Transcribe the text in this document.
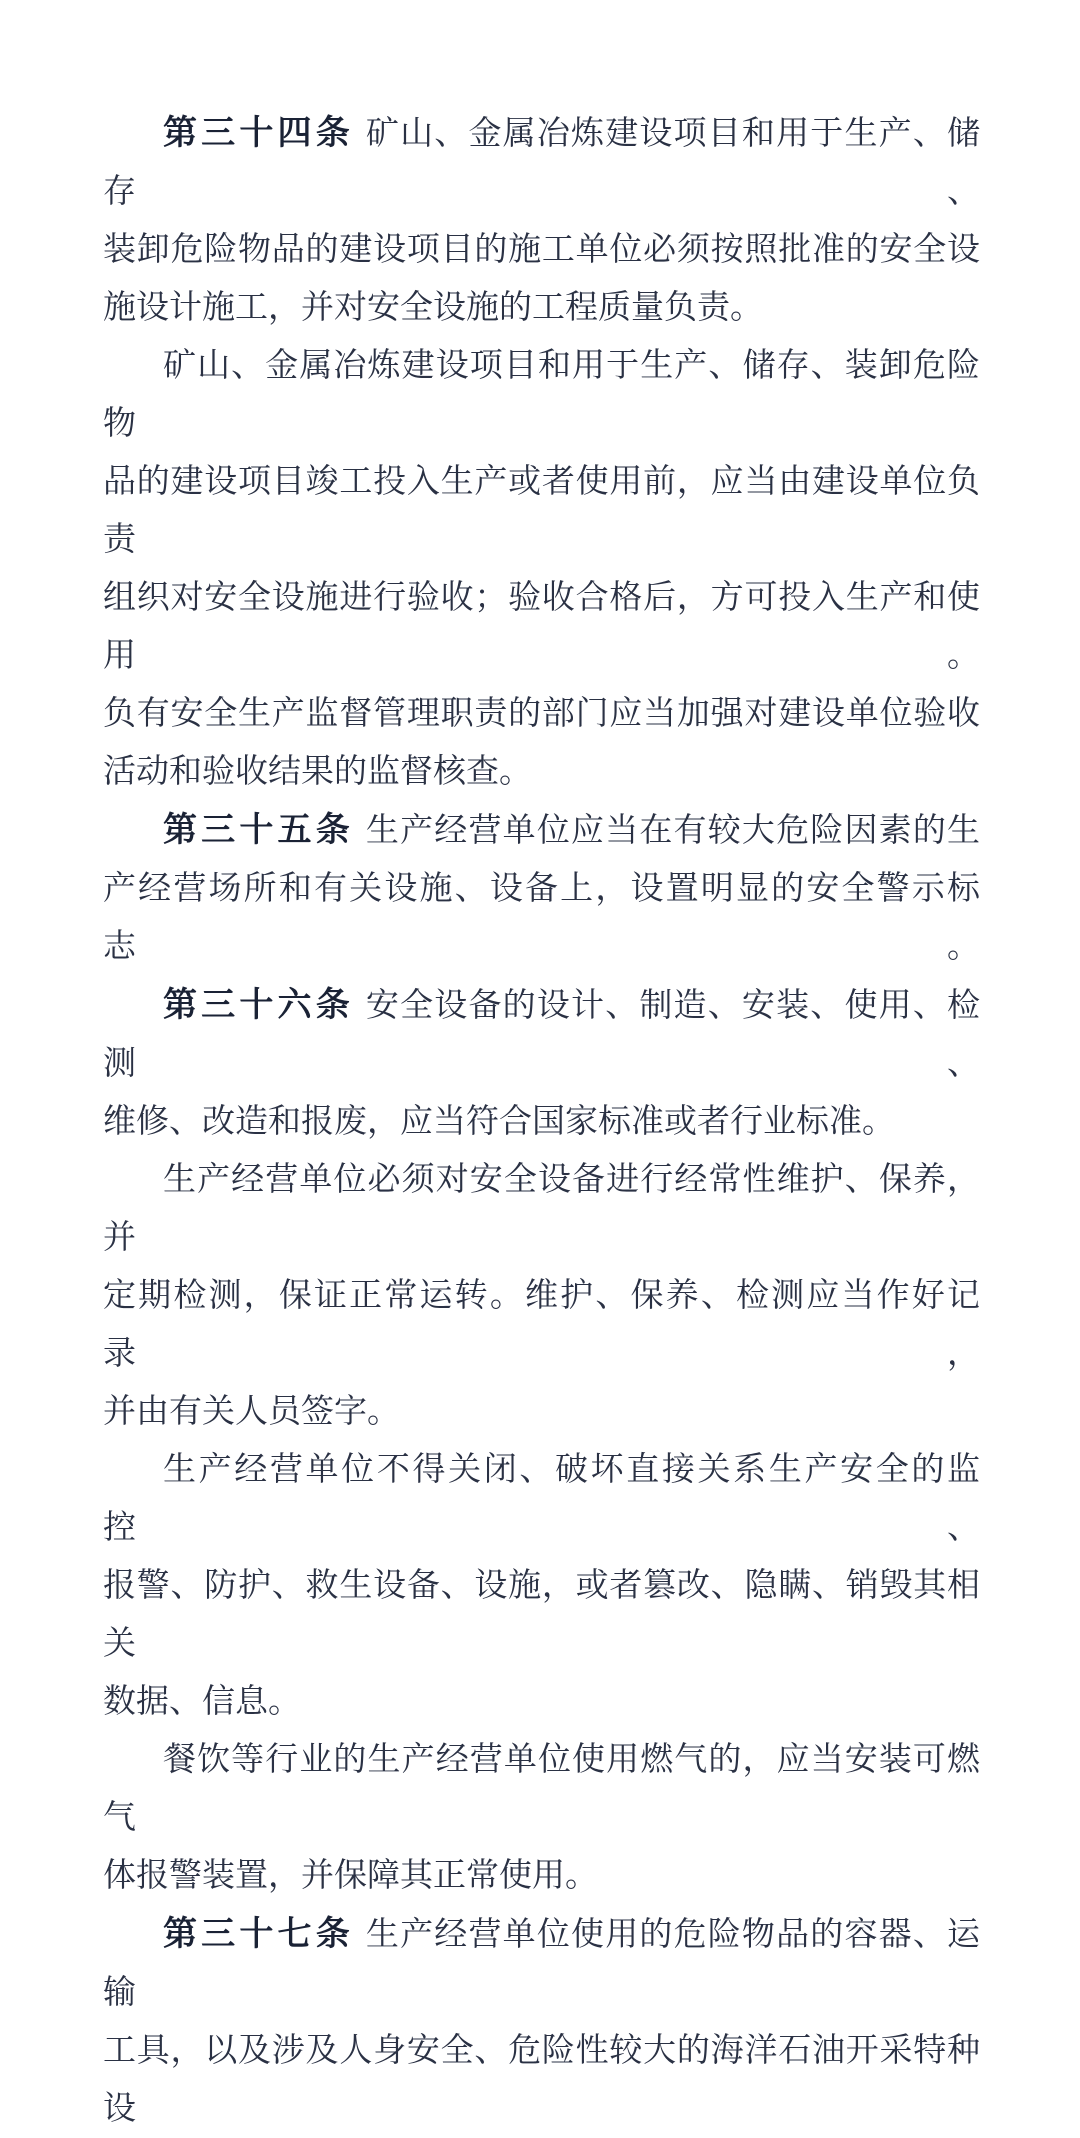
第三十四条 矿山、金属冶炼建设项目和用于生产、储存、
装卸危险物品的建设项目的施工单位必须按照批准的安全设
施设计施工，并对安全设施的工程质量负责。
矿山、金属冶炼建设项目和用于生产、储存、装卸危险物
品的建设项目竣工投入生产或者使用前，应当由建设单位负责
组织对安全设施进行验收；验收合格后，方可投入生产和使用。
负有安全生产监督管理职责的部门应当加强对建设单位验收
活动和验收结果的监督核查。
第三十五条 生产经营单位应当在有较大危险因素的生
产经营场所和有关设施、设备上，设置明显的安全警示标志。
第三十六条 安全设备的设计、制造、安装、使用、检测、
维修、改造和报废，应当符合国家标准或者行业标准。
生产经营单位必须对安全设备进行经常性维护、保养，并
定期检测，保证正常运转。维护、保养、检测应当作好记录，
并由有关人员签字。
生产经营单位不得关闭、破坏直接关系生产安全的监控、
报警、防护、救生设备、设施，或者篡改、隐瞒、销毁其相关
数据、信息。
餐饮等行业的生产经营单位使用燃气的，应当安装可燃气
体报警装置，并保障其正常使用。
第三十七条 生产经营单位使用的危险物品的容器、运输
工具，以及涉及人身安全、危险性较大的海洋石油开采特种设
